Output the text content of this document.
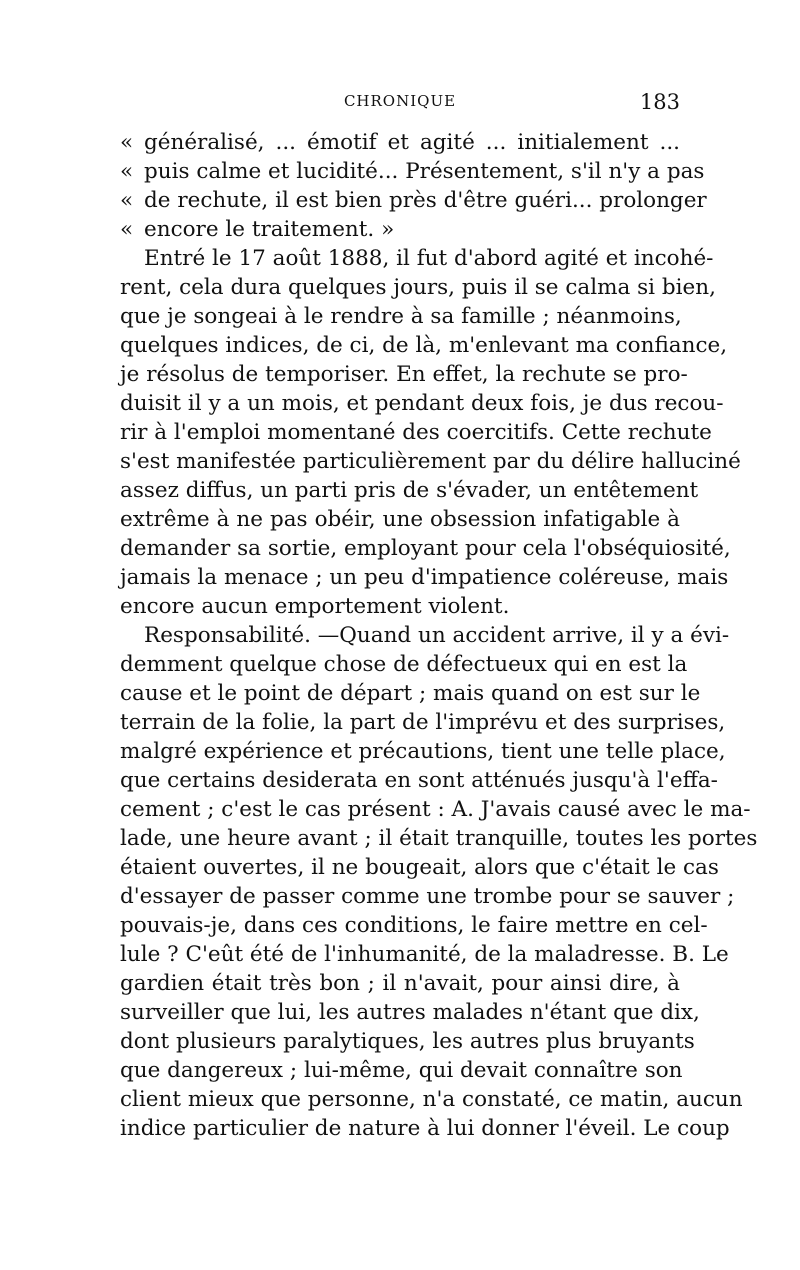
CHRONIQUE	183
« généralisé, ... émotif et agité ... initialement ...
« puis calme et lucidité... Présentement, s'il n'y a pas
« de rechute, il est bien près d'être guéri... prolonger
« encore le traitement. »
Entré le 17 août 1888, il fut d'abord agité et incohé-
rent, cela dura quelques jours, puis il se calma si bien,
que je songeai à le rendre à sa famille ; néanmoins,
quelques indices, de ci, de là, m'enlevant ma confiance,
je résolus de temporiser. En effet, la rechute se pro-
duisit il y a un mois, et pendant deux fois, je dus recou-
rir à l'emploi momentané des coercitifs. Cette rechute
s'est manifestée particulièrement par du délire halluciné
assez diffus, un parti pris de s'évader, un entêtement
extrême à ne pas obéir, une obsession infatigable à
demander sa sortie, employant pour cela l'obséquiosité,
jamais la menace ; un peu d'impatience coléreuse, mais
encore aucun emportement violent.
Responsabilité. —Quand un accident arrive, il y a évi-
demment quelque chose de défectueux qui en est la
cause et le point de départ ; mais quand on est sur le
terrain de la folie, la part de l'imprévu et des surprises,
malgré expérience et précautions, tient une telle place,
que certains desiderata en sont atténués jusqu'à l'effa-
cement ; c'est le cas présent : A. J'avais causé avec le ma-
lade, une heure avant ; il était tranquille, toutes les portes
étaient ouvertes, il ne bougeait, alors que c'était le cas
d'essayer de passer comme une trombe pour se sauver ;
pouvais-je, dans ces conditions, le faire mettre en cel-
lule ? C'eût été de l'inhumanité, de la maladresse. B. Le
gardien était très bon ; il n'avait, pour ainsi dire, à
surveiller que lui, les autres malades n'étant que dix,
dont plusieurs paralytiques, les autres plus bruyants
que dangereux ; lui-même, qui devait connaître son
client mieux que personne, n'a constaté, ce matin, aucun
indice particulier de nature à lui donner l'éveil. Le coup
